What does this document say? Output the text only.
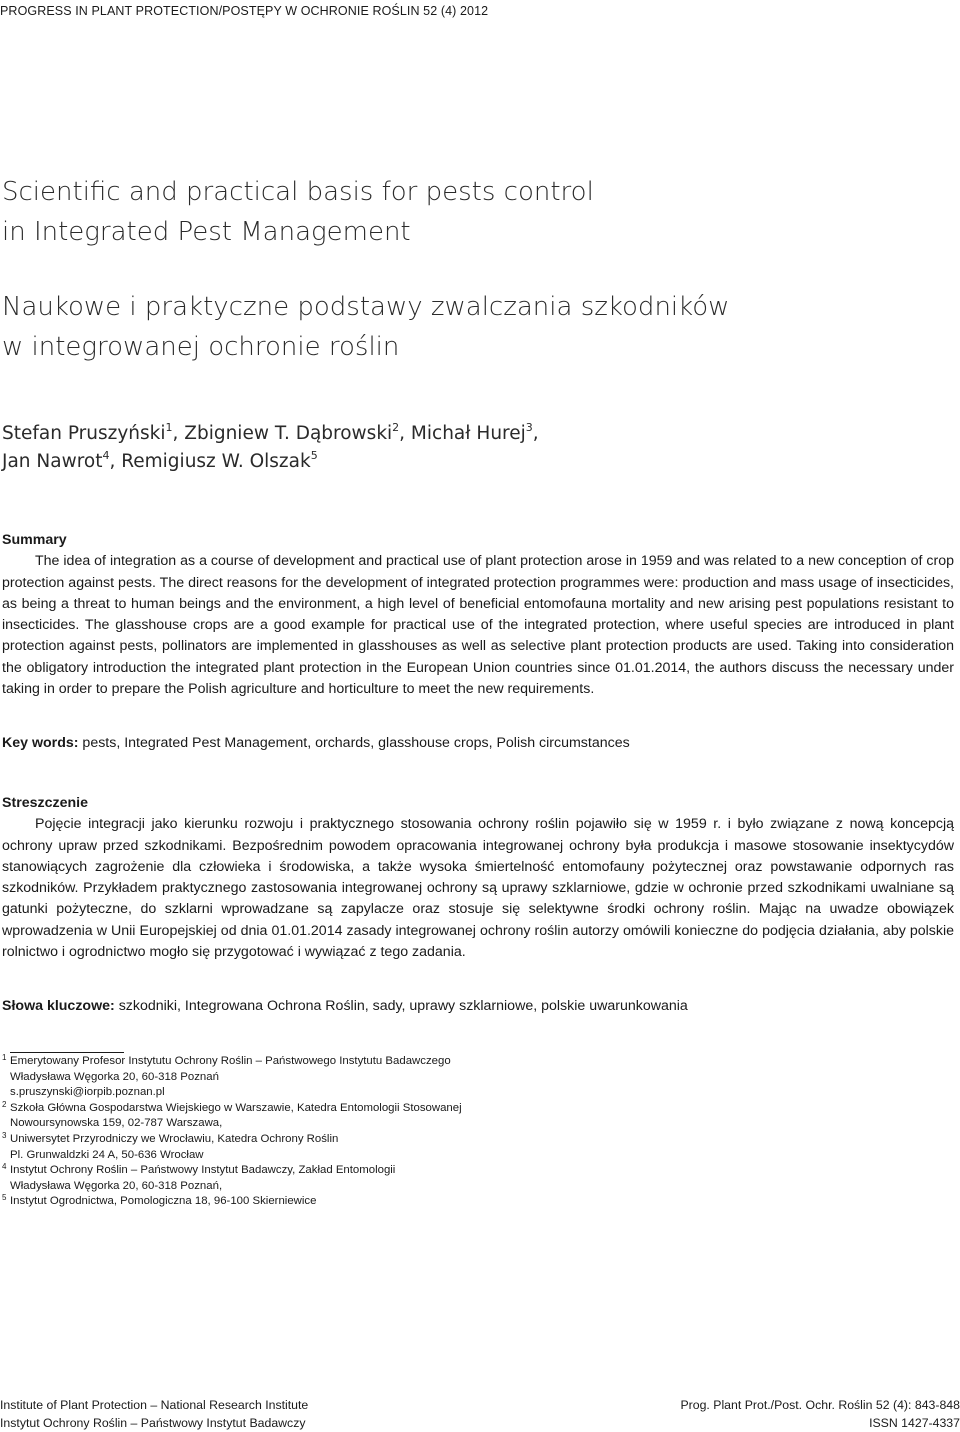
PROGRESS IN PLANT PROTECTION/POSTĘPY W OCHRONIE ROŚLIN 52 (4) 2012
Scientific and practical basis for pests control
in Integrated Pest Management
Naukowe i praktyczne podstawy zwalczania szkodników
w integrowanej ochronie roślin
Stefan Pruszyński$^1$, Zbigniew T. Dąbrowski$^2$, Michał Hurej$^3$,
Jan Nawrot$^4$, Remigiusz W. Olszak$^5$
Summary
The idea of integration as a course of development and practical use of plant protection arose in 1959 and was related to a new conception of crop protection against pests. The direct reasons for the development of integrated protection programmes were: production and mass usage of insecticides, as being a threat to human beings and the environment, a high level of beneficial entomofauna mortality and new arising pest populations resistant to insecticides. The glasshouse crops are a good example for practical use of the integrated protection, where useful species are introduced in plant protection against pests, pollinators are implemented in glasshouses as well as selective plant protection products are used. Taking into consideration the obligatory introduction the integrated plant protection in the European Union countries since 01.01.2014, the authors discuss the necessary under taking in order to prepare the Polish agriculture and horticulture to meet the new requirements.
Key words: pests, Integrated Pest Management, orchards, glasshouse crops, Polish circumstances
Streszczenie
Pojęcie integracji jako kierunku rozwoju i praktycznego stosowania ochrony roślin pojawiło się w 1959 r. i było związane z nową koncepcją ochrony upraw przed szkodnikami. Bezpośrednim powodem opracowania integrowanej ochrony była produkcja i masowe stosowanie insektycydów stanowiących zagrożenie dla człowieka i środowiska, a także wysoka śmiertelność entomofauny pożytecznej oraz powstawanie odpornych ras szkodników. Przykładem praktycznego zastosowania integrowanej ochrony są uprawy szklarniowe, gdzie w ochronie przed szkodnikami uwalniane są gatunki pożyteczne, do szklarni wprowadzane są zapylacze oraz stosuje się selektywne środki ochrony roślin. Mając na uwadze obowiązek wprowadzenia w Unii Europejskiej od dnia 01.01.2014 zasady integrowanej ochrony roślin autorzy omówili konieczne do podjęcia działania, aby polskie rolnictwo i ogrodnictwo mogło się przygotować i wywiązać z tego zadania.
Słowa kluczowe: szkodniki, Integrowana Ochrona Roślin, sady, uprawy szklarniowe, polskie uwarunkowania
1 Emerytowany Profesor Instytutu Ochrony Roślin – Państwowego Instytutu Badawczego
Władysława Węgorka 20, 60-318 Poznań
s.pruszynski@iorpib.poznan.pl
2 Szkoła Główna Gospodarstwa Wiejskiego w Warszawie, Katedra Entomologii Stosowanej
Nowoursynowska 159, 02-787 Warszawa,
3 Uniwersytet Przyrodniczy we Wrocławiu, Katedra Ochrony Roślin
Pl. Grunwaldzki 24 A, 50-636 Wrocław
4 Instytut Ochrony Roślin – Państwowy Instytut Badawczy, Zakład Entomologii
Władysława Węgorka 20, 60-318 Poznań,
5 Instytut Ogrodnictwa, Pomologiczna 18, 96-100 Skierniewice
Institute of Plant Protection – National Research Institute
Instytut Ochrony Roślin – Państwowy Instytut Badawczy
Prog. Plant Prot./Post. Ochr. Roślin 52 (4): 843-848
ISSN 1427-4337
